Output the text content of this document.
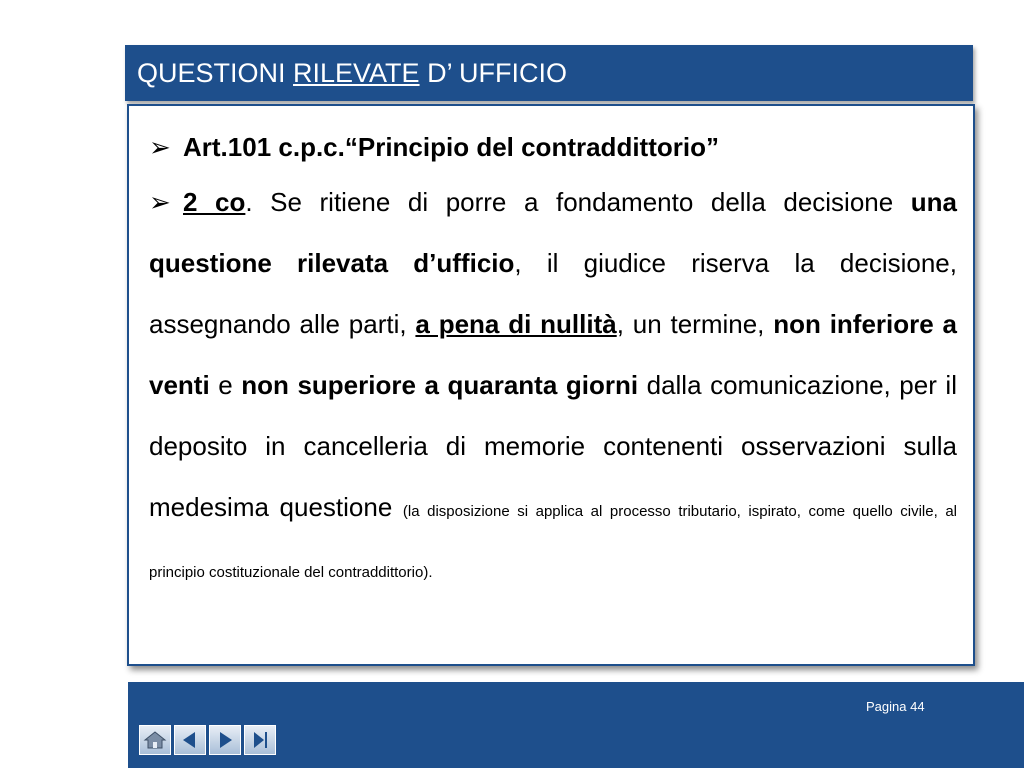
QUESTIONI RILEVATE D’ UFFICIO
➢ Art.101 c.p.c.“Principio del contraddittorio”
➢ 2 co. Se ritiene di porre a fondamento della decisione una questione rilevata d’ufficio, il giudice riserva la decisione, assegnando alle parti, a pena di nullità, un termine, non inferiore a venti e non superiore a quaranta giorni dalla comunicazione, per il deposito in cancelleria di memorie contenenti osservazioni sulla medesima questione (la disposizione si applica al processo tributario, ispirato, come quello civile, al principio costituzionale del contraddittorio).
Pagina 44
